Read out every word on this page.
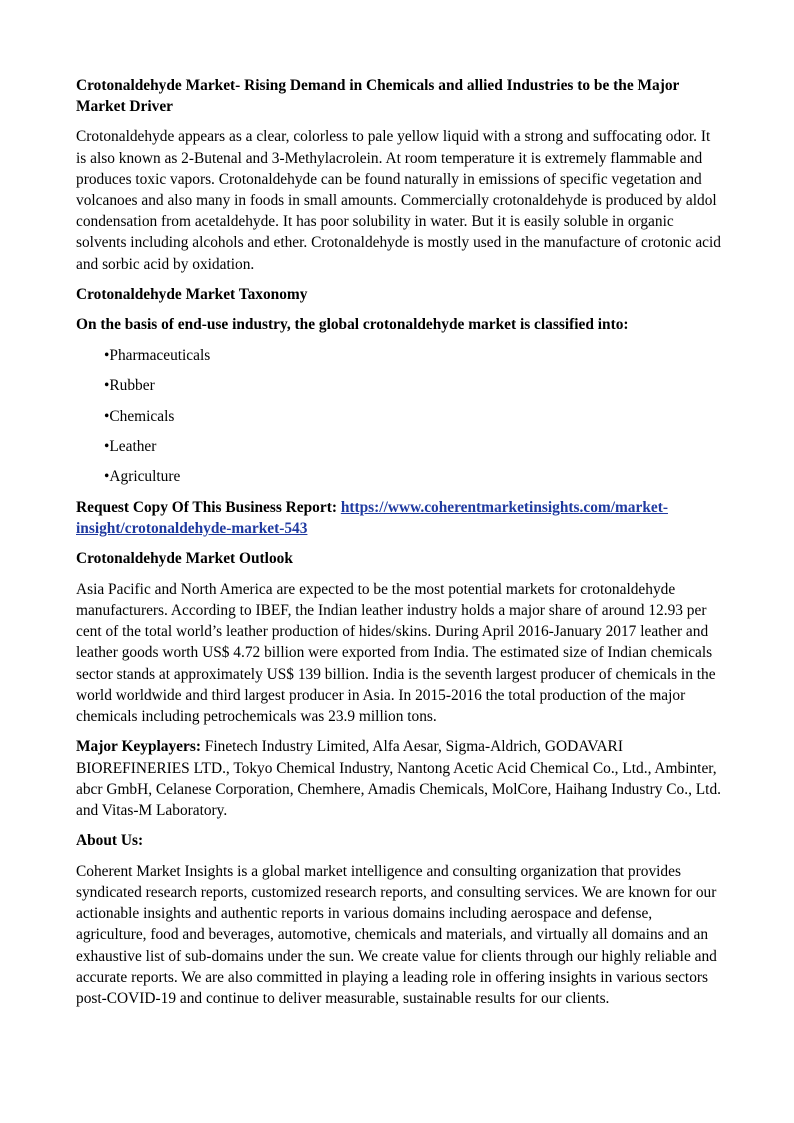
Crotonaldehyde Market- Rising Demand in Chemicals and allied Industries to be the Major Market Driver

Crotonaldehyde appears as a clear, colorless to pale yellow liquid with a strong and suffocating odor. It is also known as 2-Butenal and 3-Methylacrolein. At room temperature it is extremely flammable and produces toxic vapors. Crotonaldehyde can be found naturally in emissions of specific vegetation and volcanoes and also many in foods in small amounts. Commercially crotonaldehyde is produced by aldol condensation from acetaldehyde. It has poor solubility in water. But it is easily soluble in organic solvents including alcohols and ether. Crotonaldehyde is mostly used in the manufacture of crotonic acid and sorbic acid by oxidation.

Crotonaldehyde Market Taxonomy

On the basis of end-use industry, the global crotonaldehyde market is classified into:

•Pharmaceuticals
•Rubber
•Chemicals
•Leather
•Agriculture

Request Copy Of This Business Report: https://www.coherentmarketinsights.com/market-insight/crotonaldehyde-market-543

Crotonaldehyde Market Outlook

Asia Pacific and North America are expected to be the most potential markets for crotonaldehyde manufacturers. According to IBEF, the Indian leather industry holds a major share of around 12.93 per cent of the total world’s leather production of hides/skins. During April 2016-January 2017 leather and leather goods worth US$ 4.72 billion were exported from India. The estimated size of Indian chemicals sector stands at approximately US$ 139 billion. India is the seventh largest producer of chemicals in the world worldwide and third largest producer in Asia. In 2015-2016 the total production of the major chemicals including petrochemicals was 23.9 million tons.

Major Keyplayers: Finetech Industry Limited, Alfa Aesar, Sigma-Aldrich, GODAVARI BIOREFINERIES LTD., Tokyo Chemical Industry, Nantong Acetic Acid Chemical Co., Ltd., Ambinter, abcr GmbH, Celanese Corporation, Chemhere, Amadis Chemicals, MolCore, Haihang Industry Co., Ltd. and Vitas-M Laboratory.

About Us:

Coherent Market Insights is a global market intelligence and consulting organization that provides syndicated research reports, customized research reports, and consulting services. We are known for our actionable insights and authentic reports in various domains including aerospace and defense, agriculture, food and beverages, automotive, chemicals and materials, and virtually all domains and an exhaustive list of sub-domains under the sun. We create value for clients through our highly reliable and accurate reports. We are also committed in playing a leading role in offering insights in various sectors post-COVID-19 and continue to deliver measurable, sustainable results for our clients.
